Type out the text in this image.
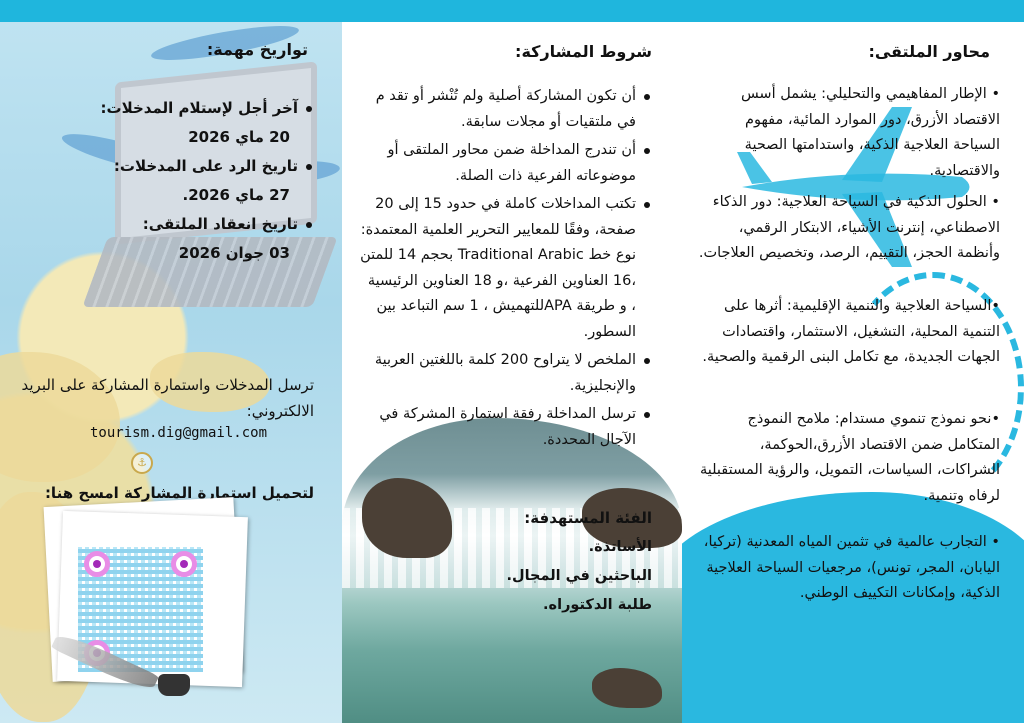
تواريخ مهمة:
آخر أجل لإستلام المدخلات:
20 ماي 2026
تاريخ الرد على المدخلات:
27 ماي 2026.
تاريخ انعقاد الملتقى:
03 جوان 2026
ترسل المدخلات واستمارة المشاركة على البريد الالكتروني:
tourism.dig@gmail.com
⚓
لتحميل استمارة المشاركة امسح هنا:
شروط المشاركة:
أن تكون المشاركة أصلية ولم تُنْشر أو تقد م في ملتقيات أو مجلات سابقة.
أن تندرج المداخلة ضمن محاور الملتقى أو موضوعاته الفرعية ذات الصلة.
تكتب المداخلات كاملة في حدود 15 إلى 20 صفحة، وفقًا للمعايير التحرير العلمية المعتمدة: نوع خط Traditional Arabic بحجم 14 للمتن ،16 العناوين الفرعية ،و 18 العناوين الرئيسية ، و طريقة APAللتهميش ، 1 سم التباعد بين السطور.
الملخص لا يتراوح 200 كلمة باللغتين العربية والإنجليزية.
ترسل المداخلة رفقة استمارة المشركة في الآجال المحددة.
الفئة المستهدفة:
الأساتذة.
الباحثين في المجال.
طلبة الدكتوراه.
محاور الملتقى:
• الإطار المفاهيمي والتحليلي: يشمل أسس الاقتصاد الأزرق، دور الموارد المائية، مفهوم السياحة العلاجية الذكية، واستدامتها الصحية والاقتصادية.
• الحلول الذكية في السياحة العلاجية: دور الذكاء الاصطناعي، إنترنت الأشياء، الابتكار الرقمي، وأنظمة الحجز، التقييم، الرصد، وتخصيص العلاجات.
•السياحة العلاجية والتنمية الإقليمية: أثرها على التنمية المحلية، التشغيل، الاستثمار، واقتصادات الجهات الجديدة، مع تكامل البنى الرقمية والصحية.
•نحو نموذج تنموي مستدام: ملامح النموذج المتكامل ضمن الاقتصاد الأزرق،الحوكمة، الشراكات، السياسات، التمويل، والرؤية المستقبلية لرفاه وتنمية.
• التجارب عالمية في تثمين المياه المعدنية (تركيا، اليابان، المجر، تونس)، مرجعيات السياحة العلاجية الذكية، وإمكانات التكييف الوطني.
